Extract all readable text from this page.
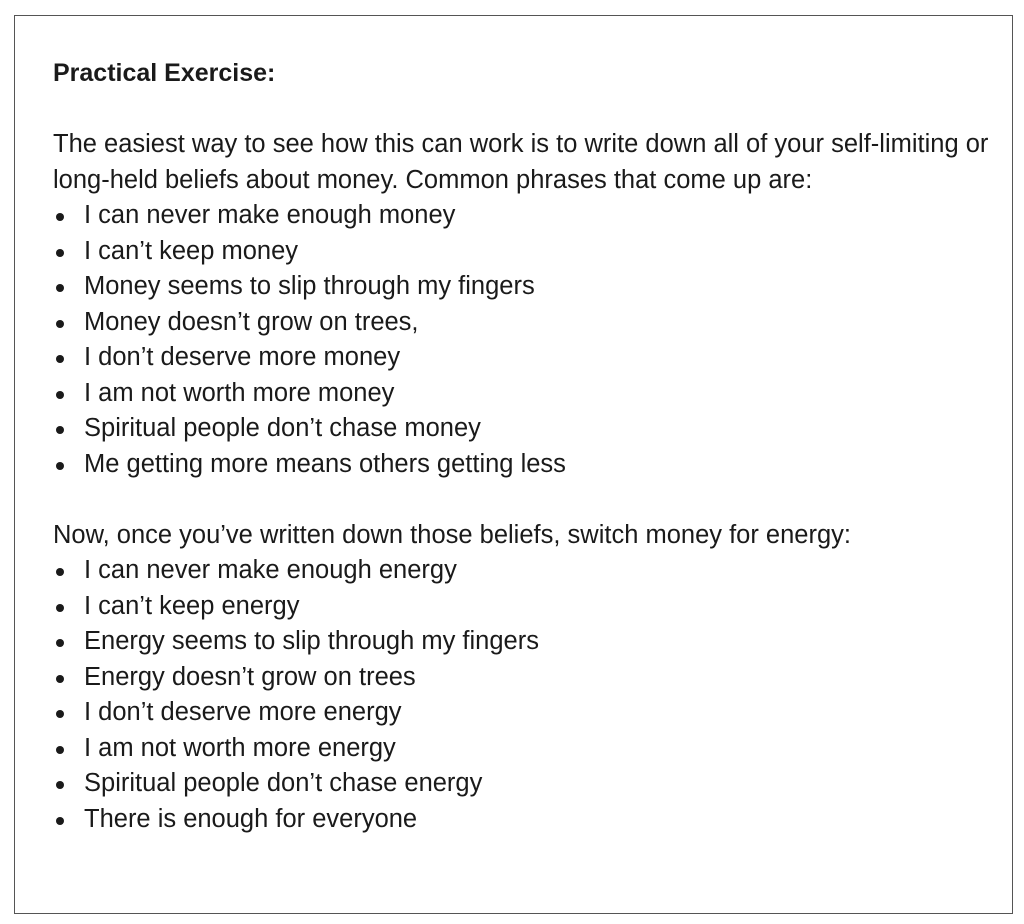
Practical Exercise:

The easiest way to see how this can work is to write down all of your self-limiting or long-held beliefs about money. Common phrases that come up are:

I can never make enough money
I can’t keep money
Money seems to slip through my fingers
Money doesn’t grow on trees,
I don’t deserve more money
I am not worth more money
Spiritual people don’t chase money
Me getting more means others getting less

Now, once you’ve written down those beliefs, switch money for energy:

I can never make enough energy
I can’t keep energy
Energy seems to slip through my fingers
Energy doesn’t grow on trees
I don’t deserve more energy
I am not worth more energy
Spiritual people don’t chase energy
There is enough for everyone
